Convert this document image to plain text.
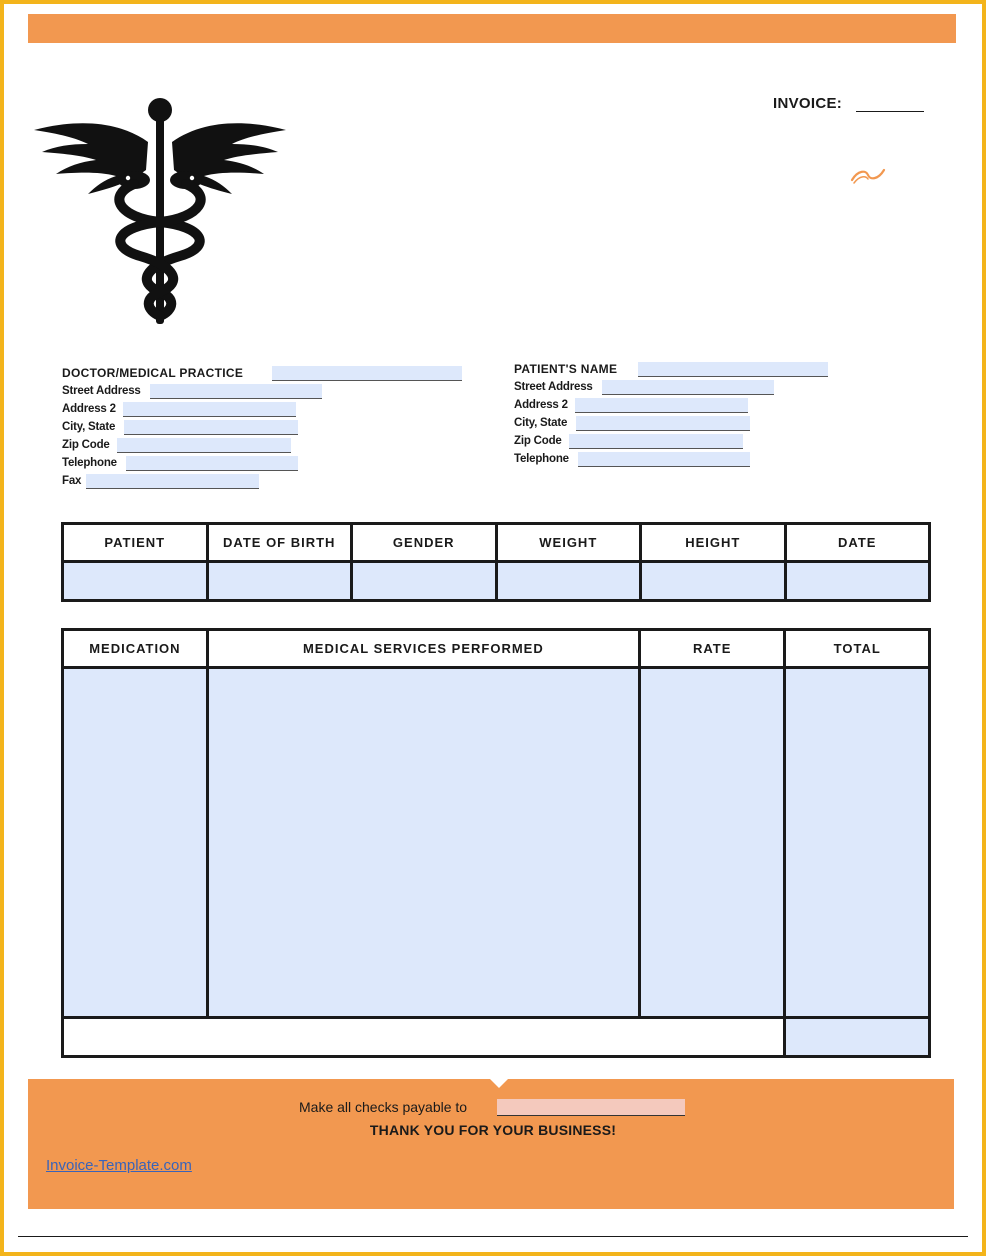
INVOICE:
DOCTOR/MEDICAL PRACTICE
Street Address
Address 2
City, State
Zip Code
Telephone
Fax
PATIENT'S NAME
Street Address
Address 2
City, State
Zip Code
Telephone
PATIENT	DATE OF BIRTH	GENDER	WEIGHT	HEIGHT	DATE

MEDICATION	MEDICAL SERVICES PERFORMED	RATE	TOTAL

Make all checks payable to
THANK YOU FOR YOUR BUSINESS!
Invoice-Template.com
